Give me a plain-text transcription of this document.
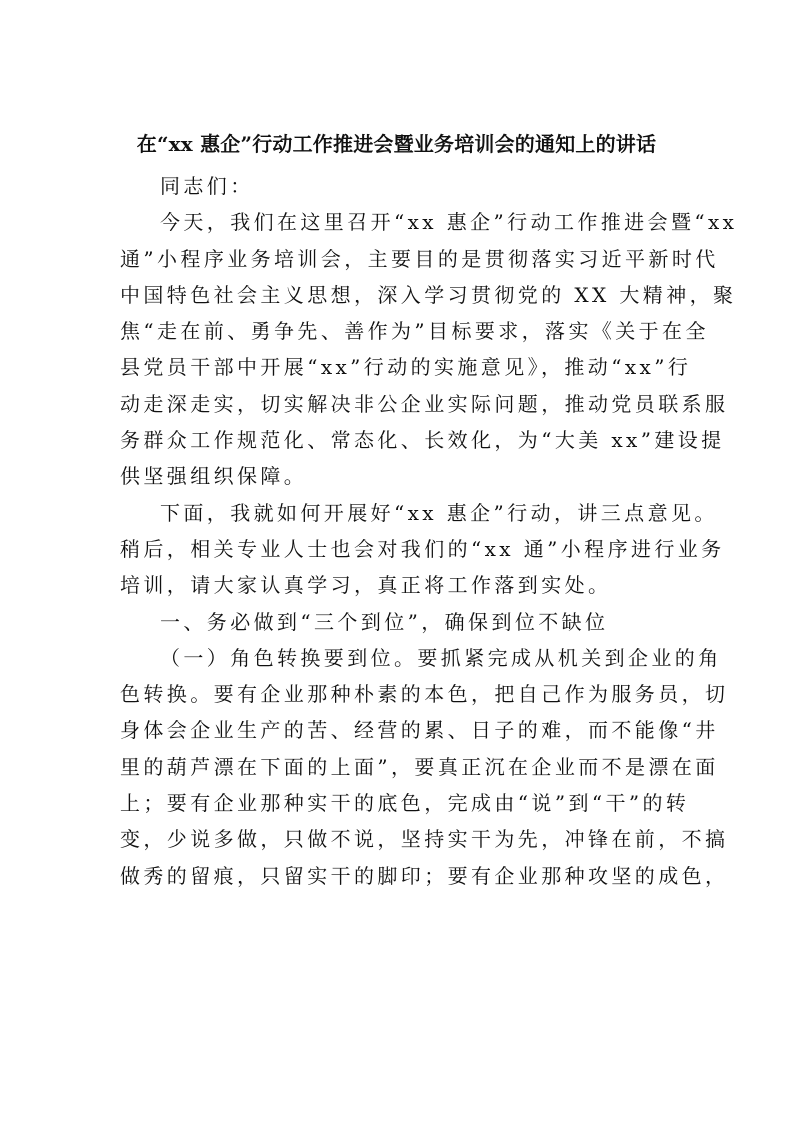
在“xx 惠企”行动工作推进会暨业务培训会的通知上的讲话
同志们：
今天，我们在这里召开“xx 惠企”行动工作推进会暨“xx
通”小程序业务培训会，主要目的是贯彻落实习近平新时代
中国特色社会主义思想，深入学习贯彻党的 XX 大精神，聚
焦“走在前、勇争先、善作为”目标要求，落实《关于在全
县党员干部中开展“xx”行动的实施意见》，推动“xx”行
动走深走实，切实解决非公企业实际问题，推动党员联系服
务群众工作规范化、常态化、长效化，为“大美 xx”建设提
供坚强组织保障。
下面，我就如何开展好“xx 惠企”行动，讲三点意见。
稍后，相关专业人士也会对我们的“xx 通”小程序进行业务
培训，请大家认真学习，真正将工作落到实处。
一、务必做到“三个到位”，确保到位不缺位
（一）角色转换要到位。要抓紧完成从机关到企业的角
色转换。要有企业那种朴素的本色，把自己作为服务员，切
身体会企业生产的苦、经营的累、日子的难，而不能像“井
里的葫芦漂在下面的上面”，要真正沉在企业而不是漂在面
上；要有企业那种实干的底色，完成由“说”到“干”的转
变，少说多做，只做不说，坚持实干为先，冲锋在前，不搞
做秀的留痕，只留实干的脚印；要有企业那种攻坚的成色，
